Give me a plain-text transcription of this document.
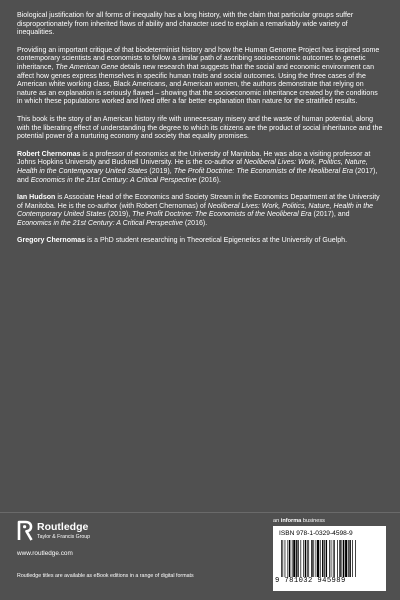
Biological justification for all forms of inequality has a long history, with the claim that particular groups suffer disproportionately from inherited flaws of ability and character used to explain a remarkably wide variety of inequalities.

Providing an important critique of that biodeterminist history and how the Human Genome Project has inspired some contemporary scientists and economists to follow a similar path of ascribing socioeconomic outcomes to genetic inheritance, The American Gene details new research that suggests that the social and economic environment can affect how genes express themselves in specific human traits and social outcomes. Using the three cases of the American white working class, Black Americans, and American women, the authors demonstrate that relying on nature as an explanation is seriously flawed – showing that the socioeconomic inheritance created by the conditions in which these populations worked and lived offer a far better explanation than nature for the stratified results.

This book is the story of an American history rife with unnecessary misery and the waste of human potential, along with the liberating effect of understanding the degree to which its citizens are the product of social inheritance and the potential power of a nurturing economy and society that equality promises.

Robert Chernomas is a professor of economics at the University of Manitoba. He was also a visiting professor at Johns Hopkins University and Bucknell University. He is the co-author of Neoliberal Lives: Work, Politics, Nature, Health in the Contemporary United States (2019), The Profit Doctrine: The Economists of the Neoliberal Era (2017), and Economics in the 21st Century: A Critical Perspective (2016).

Ian Hudson is Associate Head of the Economics and Society Stream in the Economics Department at the University of Manitoba. He is the co-author (with Robert Chernomas) of Neoliberal Lives: Work, Politics, Nature, Health in the Contemporary United States (2019), The Profit Doctrine: The Economists of the Neoliberal Era (2017), and Economics in the 21st Century: A Critical Perspective (2016).

Gregory Chernomas is a PhD student researching in Theoretical Epigenetics at the University of Guelph.

Routledge
Taylor & Francis Group
www.routledge.com
Routledge titles are available as eBook editions in a range of digital formats
an informa business
ISBN 978-1-0329-4598-9
9 781032 945989
